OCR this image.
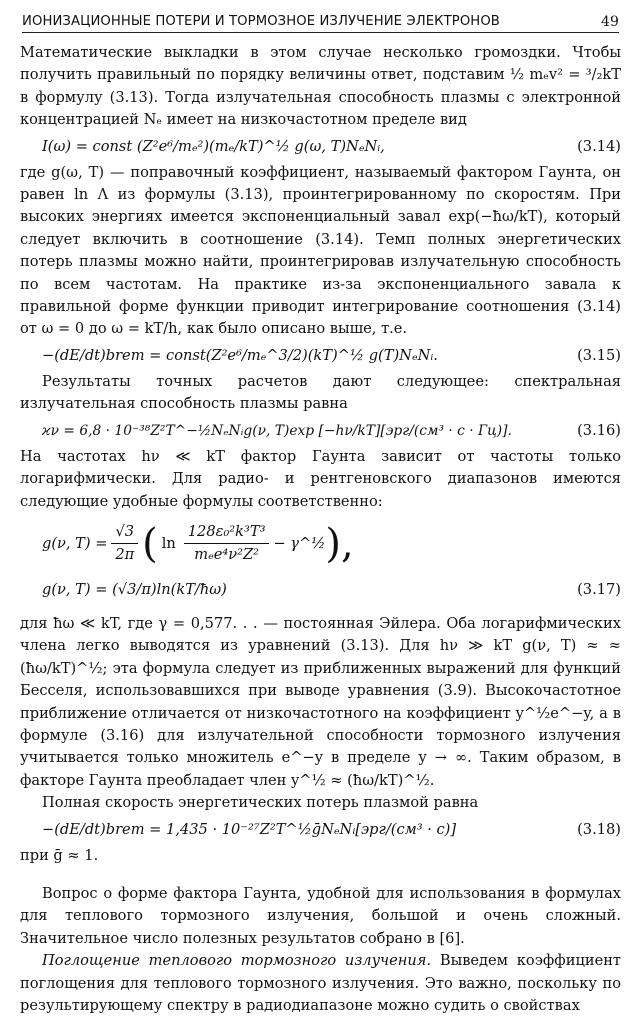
ИОНИЗАЦИОННЫЕ ПОТЕРИ И ТОРМОЗНОЕ ИЗЛУЧЕНИЕ ЭЛЕКТРОНОВ	49

Математические выкладки в этом случае несколько громоздки. Чтобы получить правильный по порядку величины ответ, подставим ½ mₑv² = ³/₂kT в формулу (3.13). Тогда излучательная способность плазмы с электронной концентрацией Nₑ имеет на низкочастотном пределе вид

I(ω) = const (Z²e⁶/mₑ²)(mₑ/kT)^½ g(ω, T)NₑNᵢ,	(3.14)

где g(ω, T) — поправочный коэффициент, называемый фактором Гаунта, он равен ln Λ из формулы (3.13), проинтегрированному по скоростям. При высоких энергиях имеется экспоненциальный завал exp(−ħω/kT), который следует включить в соотношение (3.14). Темп полных энергетических потерь плазмы можно найти, проинтегрировав излучательную способность по всем частотам. На практике из-за экспоненциального завала к правильной форме функции приводит интегрирование соотношения (3.14) от ω = 0 до ω = kT/h, как было описано выше, т.е.

−(dE/dt)brem = const(Z²e⁶/mₑ^3/2)(kT)^½ g(T)NₑNᵢ.	(3.15)

Результаты точных расчетов дают следующее: спектральная излучательная способность плазмы равна

ϰν = 6,8 · 10⁻³⁸Z²T^−½NₑNᵢg(ν, T)exp [−hν/kT][эрг/(см³ · с · Гц)].	(3.16)

На частотах hν ≪ kT фактор Гаунта зависит от частоты только логарифмически. Для радио- и рентгеновского диапазонов имеются следующие удобные формулы соответственно:

g(ν, $T) = \frac{√3}{2\pi}$ ( ln
128ε₀²k³T³
mₑe⁴ν²Z²
− γ^½ ),
g(ν, T) = (√3/π)ln(kT/ħω)	(3.17)

для ħω ≪ kT, где γ = 0,577. . . — постоянная Эйлера. Оба логарифмических члена легко выводятся из уравнений (3.13). Для hν ≫ kT g(ν, T) ≈ ≈ (ħω/kT)^½; эта формула следует из приближенных выражений для функций Бесселя, использовавшихся при выводе уравнения (3.9). Высокочастотное приближение отличается от низкочастотного на коэффициент y^½e^−y, а в формуле (3.16) для излучательной способности тормозного излучения учитывается только множитель e^−y в пределе y → ∞. Таким образом, в факторе Гаунта преобладает член y^½ ≈ (ħω/kT)^½.

Полная скорость энергетических потерь плазмой равна

−(dE/dt)brem = 1,435 · 10⁻²⁷Z²T^½ḡNₑNᵢ[эрг/(см³ · с)]	(3.18)

при ḡ ≈ 1.

Вопрос о форме фактора Гаунта, удобной для использования в формулах для теплового тормозного излучения, большой и очень сложный. Значительное число полезных результатов собрано в [6].

Поглощение теплового тормозного излучения. Выведем коэффициент поглощения для теплового тормозного излучения. Это важно, поскольку по результирующему спектру в радиодиапазоне можно судить о свойствах
